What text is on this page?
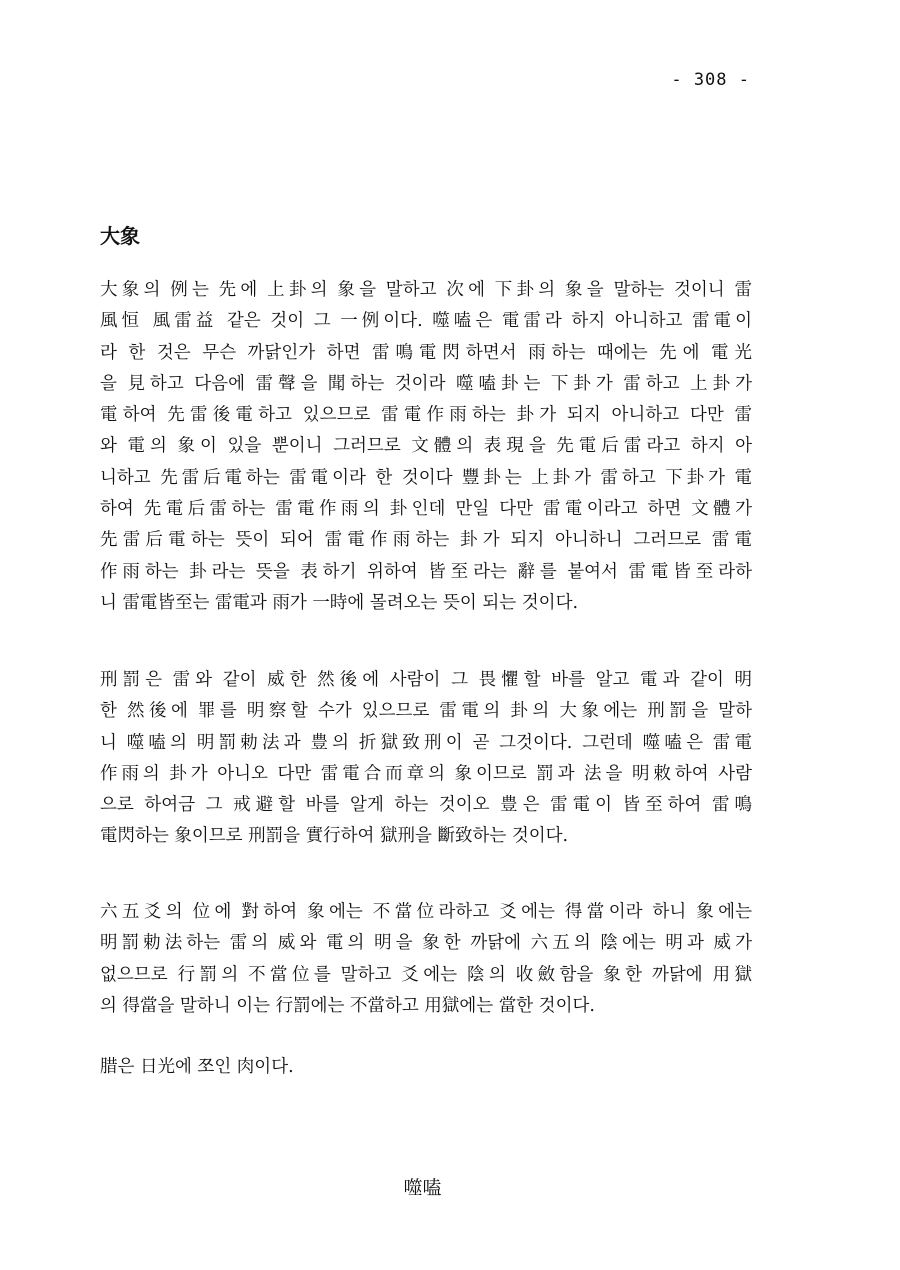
- 308 -
大象
大象의 例는 先에 上卦의 象을 말하고 次에 下卦의 象을 말하는 것이니 雷
風恒 風雷益 같은 것이 그 一例이다. 噬嗑은 電雷라 하지 아니하고 雷電이
라 한 것은 무슨 까닭인가 하면 雷鳴電閃하면서 雨하는 때에는 先에 電光
을 見하고 다음에 雷聲을 聞하는 것이라 噬嗑卦는 下卦가 雷하고 上卦가
電하여 先雷後電하고 있으므로 雷電作雨하는 卦가 되지 아니하고 다만 雷
와 電의 象이 있을 뿐이니 그러므로 文體의 表現을 先電后雷라고 하지 아
니하고 先雷后電하는 雷電이라 한 것이다 豐卦는 上卦가 雷하고 下卦가 電
하여 先電后雷하는 雷電作雨의 卦인데 만일 다만 雷電이라고 하면 文體가
先雷后電하는 뜻이 되어 雷電作雨하는 卦가 되지 아니하니 그러므로 雷電
作雨하는 卦라는 뜻을 表하기 위하여 皆至라는 辭를 붙여서 雷電皆至라하
니 雷電皆至는 雷電과 雨가 一時에 몰려오는 뜻이 되는 것이다.
刑罰은 雷와 같이 威한 然後에 사람이 그 畏懼할 바를 알고 電과 같이 明
한 然後에 罪를 明察할 수가 있으므로 雷電의 卦의 大象에는 刑罰을 말하
니 噬嗑의 明罰勅法과 豊의 折獄致刑이 곧 그것이다. 그런데 噬嗑은 雷電
作雨의 卦가 아니오 다만 雷電合而章의 象이므로 罰과 法을 明敕하여 사람
으로 하여금 그 戒避할 바를 알게 하는 것이오 豊은 雷電이 皆至하여 雷鳴
電閃하는 象이므로 刑罰을 實行하여 獄刑을 斷致하는 것이다.
六五爻의 位에 對하여 象에는 不當位라하고 爻에는 得當이라 하니 象에는
明罰勅法하는 雷의 威와 電의 明을 象한 까닭에 六五의 陰에는 明과 威가
없으므로 行罰의 不當位를 말하고 爻에는 陰의 收斂함을 象한 까닭에 用獄
의 得當을 말하니 이는 行罰에는 不當하고 用獄에는 當한 것이다.
腊은 日光에 쪼인 肉이다.
噬嗑
